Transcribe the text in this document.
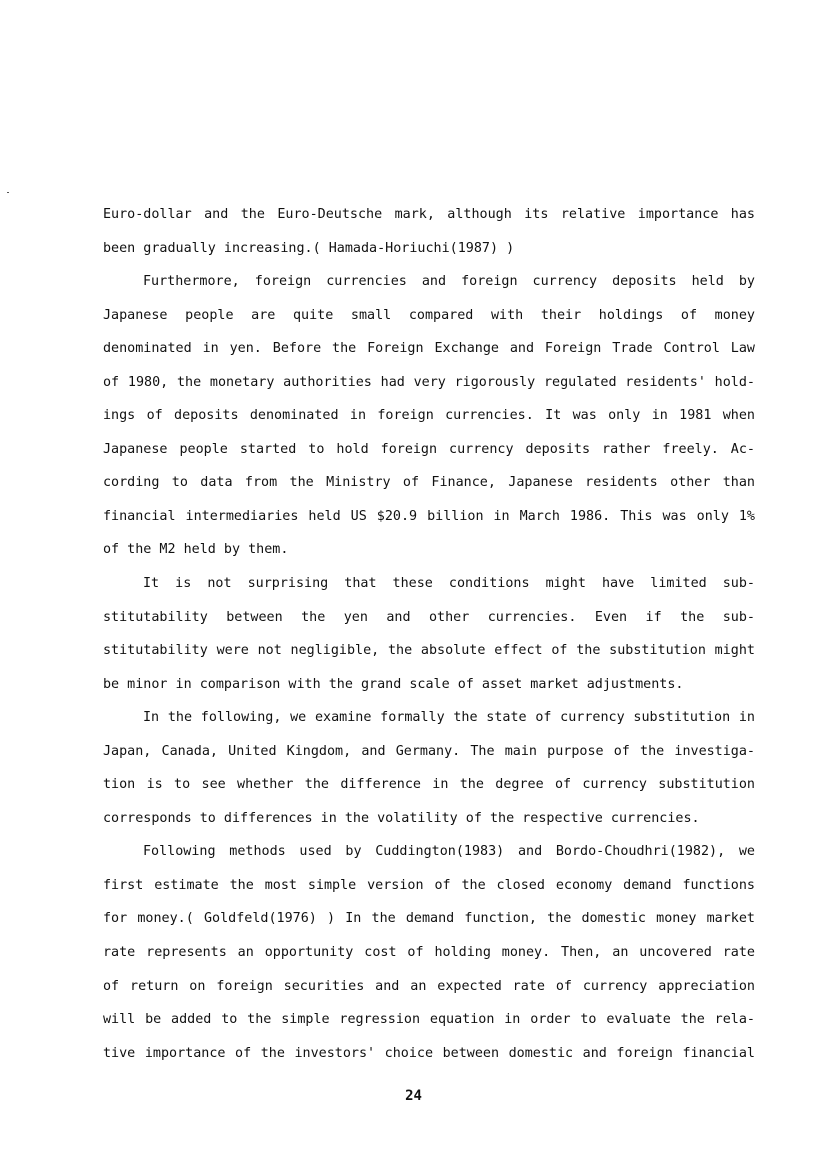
Euro-dollar and the Euro-Deutsche mark, although its relative importance has
been gradually increasing.( Hamada-Horiuchi(1987) )
Furthermore, foreign currencies and foreign currency deposits held by
Japanese people are quite small compared with their holdings of money
denominated in yen. Before the Foreign Exchange and Foreign Trade Control Law
of 1980, the monetary authorities had very rigorously regulated residents' hold-
ings of deposits denominated in foreign currencies. It was only in 1981 when
Japanese people started to hold foreign currency deposits rather freely. Ac-
cording to data from the Ministry of Finance, Japanese residents other than
financial intermediaries held US $20.9 billion in March 1986. This was only 1%
of the M2 held by them.
It is not surprising that these conditions might have limited sub-
stitutability between the yen and other currencies. Even if the sub-
stitutability were not negligible, the absolute effect of the substitution might
be minor in comparison with the grand scale of asset market adjustments.
In the following, we examine formally the state of currency substitution in
Japan, Canada, United Kingdom, and Germany. The main purpose of the investiga-
tion is to see whether the difference in the degree of currency substitution
corresponds to differences in the volatility of the respective currencies.
Following methods used by Cuddington(1983) and Bordo-Choudhri(1982), we
first estimate the most simple version of the closed economy demand functions
for money.( Goldfeld(1976) ) In the demand function, the domestic money market
rate represents an opportunity cost of holding money. Then, an uncovered rate
of return on foreign securities and an expected rate of currency appreciation
will be added to the simple regression equation in order to evaluate the rela-
tive importance of the investors' choice between domestic and foreign financial
24
